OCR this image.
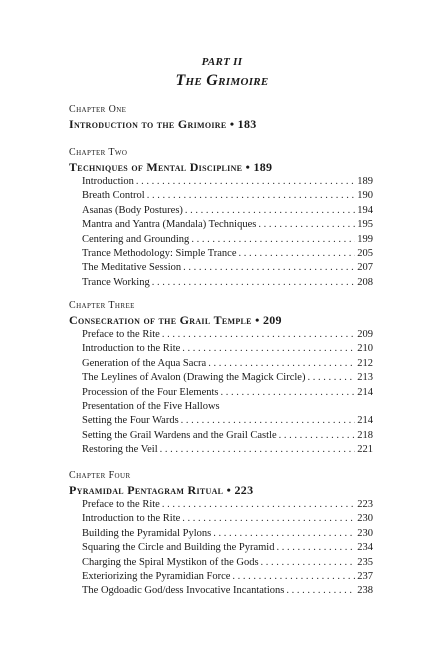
PART II
The Grimoire
Chapter One
Introduction to the Grimoire • 183
Chapter Two
Techniques of Mental Discipline • 189
Introduction . . .	189
Breath Control . . .	190
Asanas (Body Postures) . . .	194
Mantra and Yantra (Mandala) Techniques . . .	195
Centering and Grounding . . .	199
Trance Methodology: Simple Trance . . .	205
The Meditative Session . . .	207
Trance Working . . .	208
Chapter Three
Consecration of the Grail Temple • 209
Preface to the Rite . . .	209
Introduction to the Rite . . .	210
Generation of the Aqua Sacra . . .	212
The Leylines of Avalon (Drawing the Magick Circle) . . .	213
Procession of the Four Elements . . .	214
Presentation of the Five Hallows
Setting the Four Wards . . .	214
Setting the Grail Wardens and the Grail Castle . . .	218
Restoring the Veil . . .	221
Chapter Four
Pyramidal Pentagram Ritual • 223
Preface to the Rite . . .	223
Introduction to the Rite . . .	230
Building the Pyramidal Pylons . . .	230
Squaring the Circle and Building the Pyramid . . .	234
Charging the Spiral Mystikon of the Gods . . .	235
Exteriorizing the Pyramidian Force . . .	237
The Ogdoadic God/dess Invocative Incantations . . .	238
